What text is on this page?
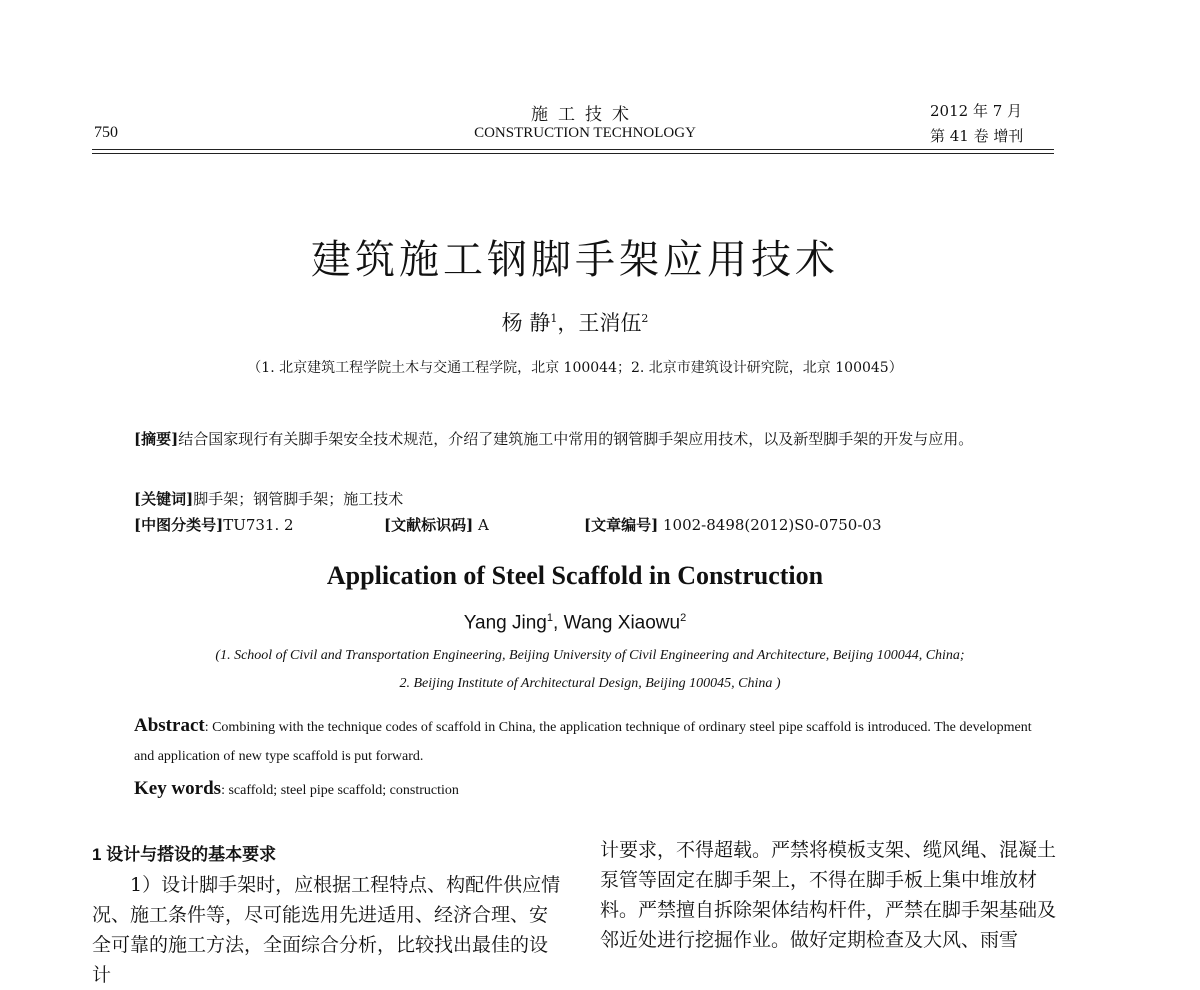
施工技术
CONSTRUCTION TECHNOLOGY
750
2012 年 7 月
第 41 卷 增刊
建筑施工钢脚手架应用技术
杨 静$^1$，王消伍$^2$
（1. 北京建筑工程学院土木与交通工程学院，北京 100044；2. 北京市建筑设计研究院，北京 100045）
[摘要]结合国家现行有关脚手架安全技术规范，介绍了建筑施工中常用的钢管脚手架应用技术，以及新型脚手架的开发与应用。
[关键词]脚手架；钢管脚手架；施工技术
[中图分类号]TU731. 2	[文献标识码] A	[文章编号] 1002-8498(2012)S0-0750-03
Application of Steel Scaffold in Construction
Yang Jing$^1$, Wang Xiaowu$^2$
(1. School of Civil and Transportation Engineering, Beijing University of Civil Engineering and Architecture, Beijing 100044, China;
2. Beijing Institute of Architectural Design, Beijing 100045, China )
Abstract: Combining with the technique codes of scaffold in China, the application technique of ordinary steel pipe scaffold is introduced. The development and application of new type scaffold is put forward.
Key words: scaffold; steel pipe scaffold; construction
1 设计与搭设的基本要求
1）设计脚手架时，应根据工程特点、构配件供应情况、施工条件等，尽可能选用先进适用、经济合理、安全可靠的施工方法，全面综合分析，比较找出最佳的设计
计要求，不得超载。严禁将模板支架、缆风绳、混凝土泵管等固定在脚手架上，不得在脚手板上集中堆放材料。严禁擅自拆除架体结构杆件，严禁在脚手架基础及邻近处进行挖掘作业。做好定期检查及大风、雨雪
